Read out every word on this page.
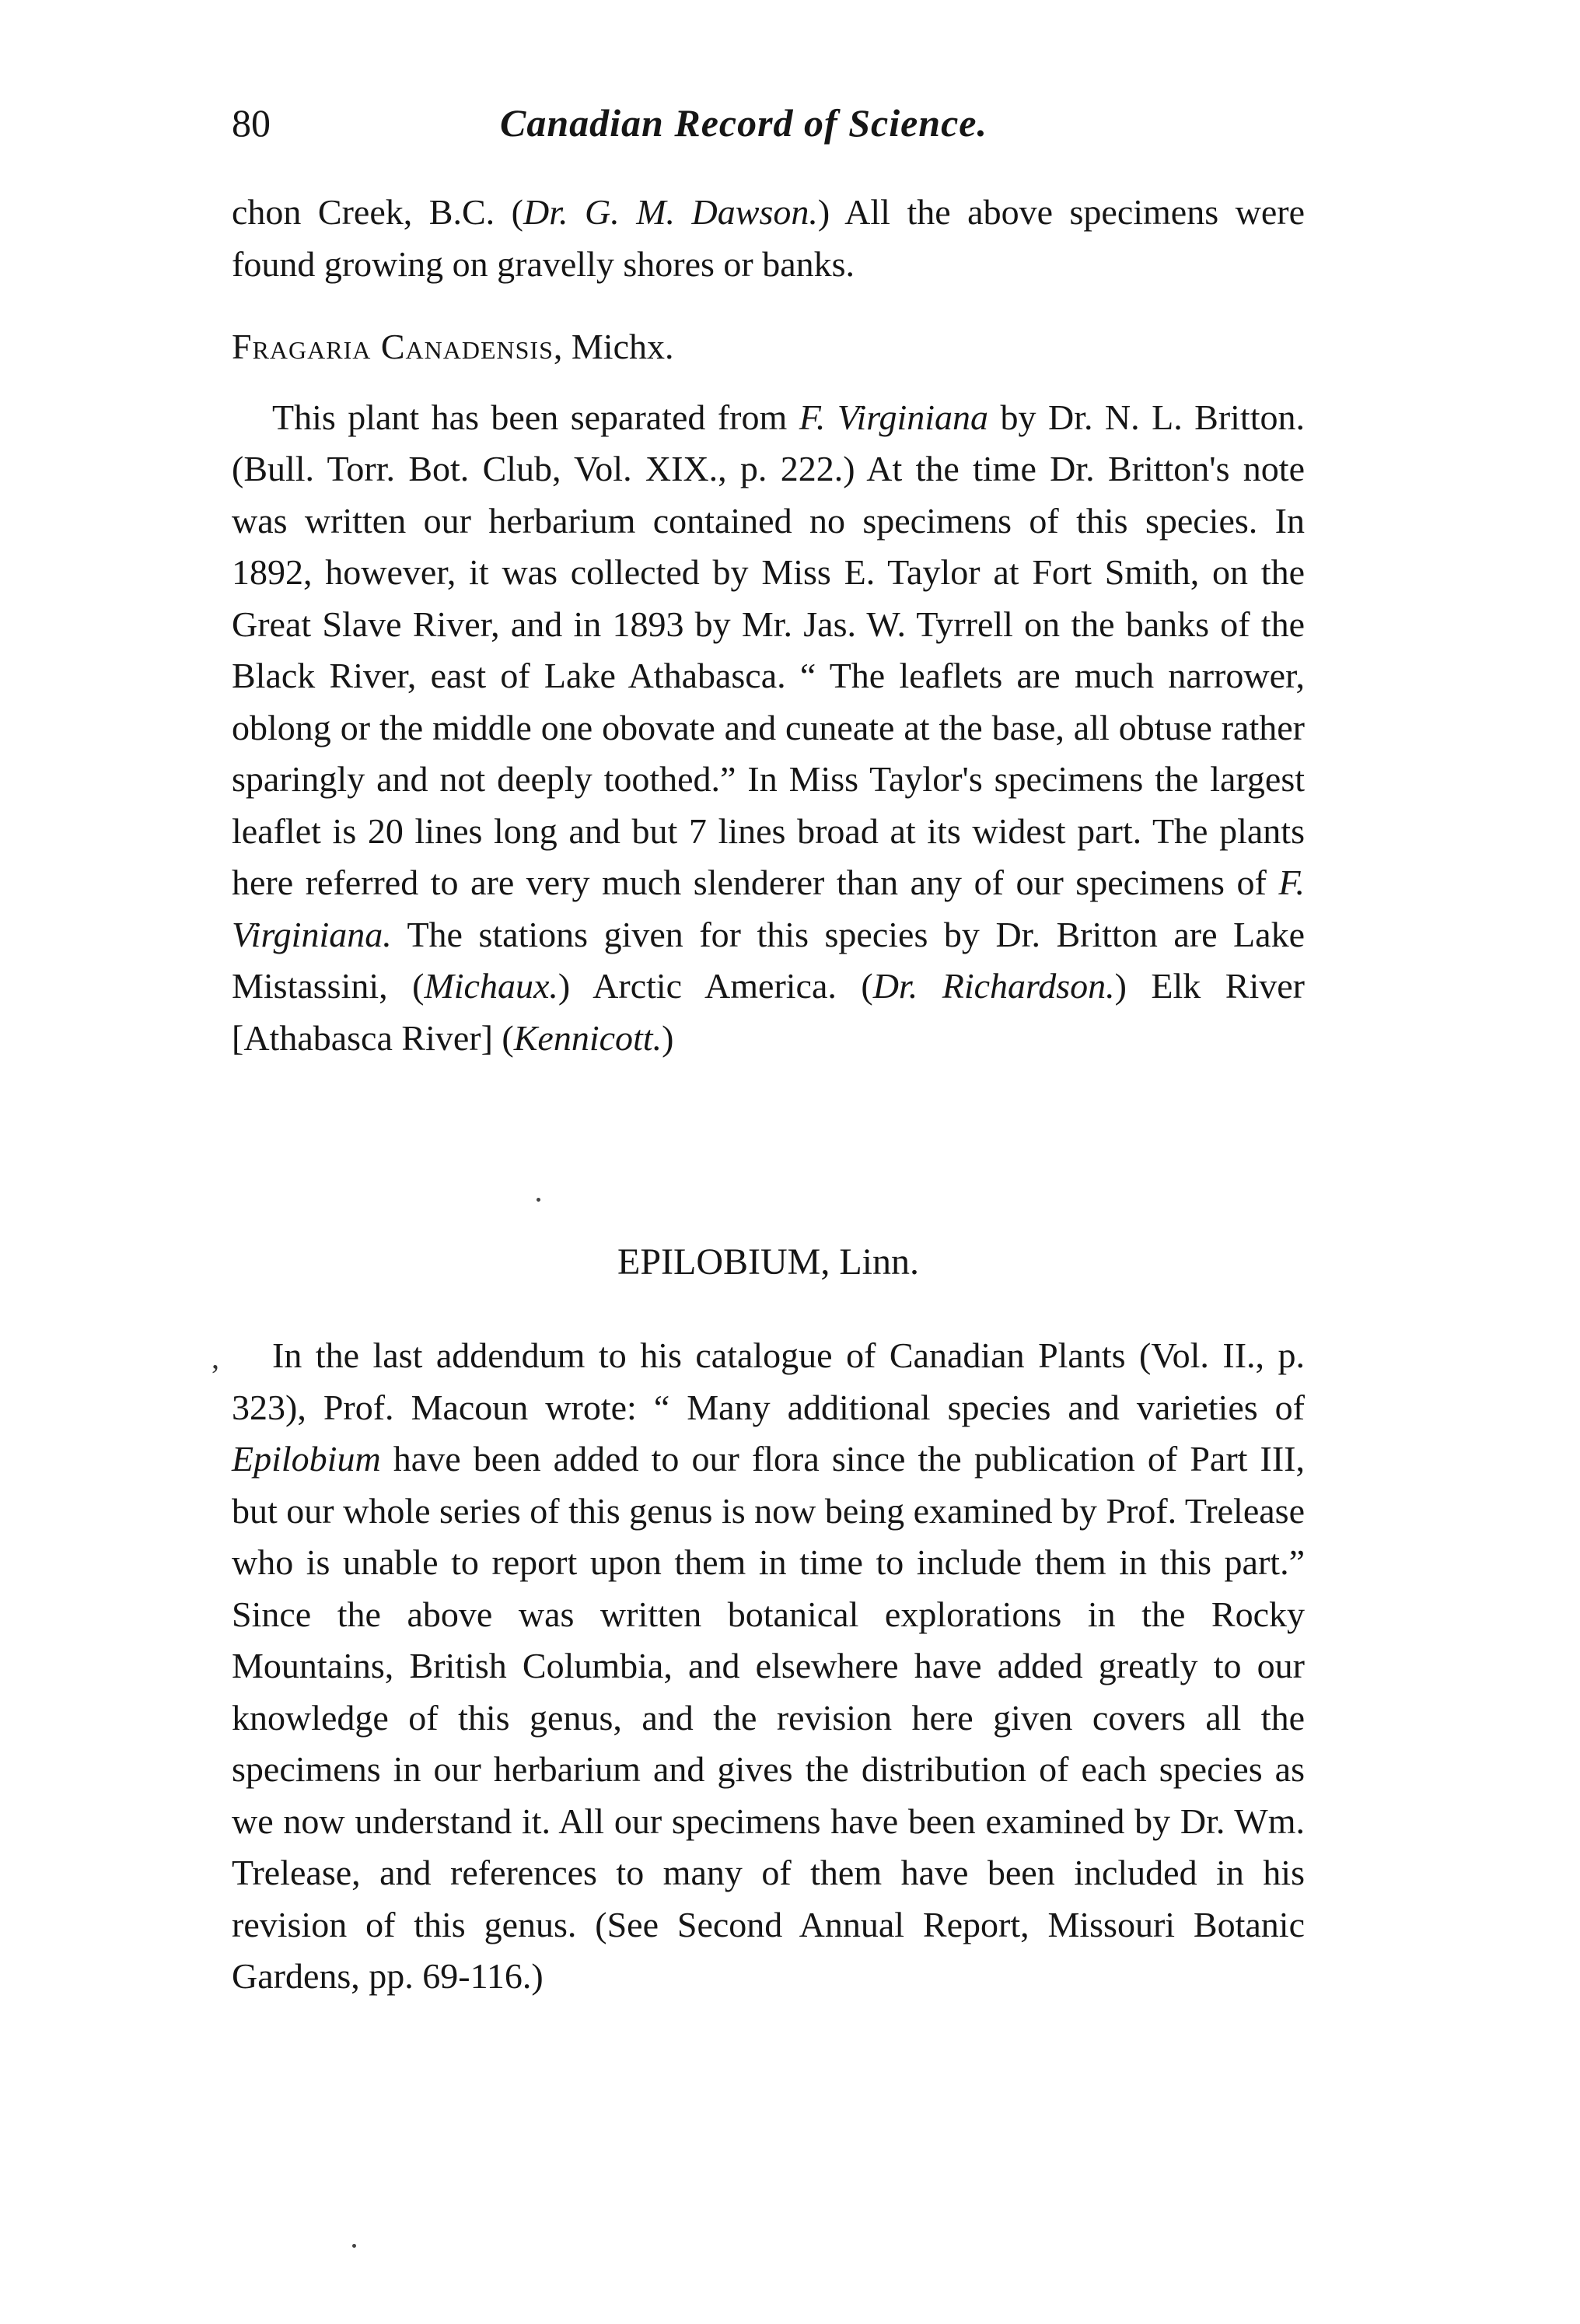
80	Canadian Record of Science.

chon Creek, B.C. (Dr. G. M. Dawson.) All the above specimens were found growing on gravelly shores or banks.

Fragaria Canadensis, Michx.

This plant has been separated from F. Virginiana by Dr. N. L. Britton. (Bull. Torr. Bot. Club, Vol. XIX., p. 222.) At the time Dr. Britton's note was written our herbarium contained no specimens of this species. In 1892, however, it was collected by Miss E. Taylor at Fort Smith, on the Great Slave River, and in 1893 by Mr. Jas. W. Tyrrell on the banks of the Black River, east of Lake Athabasca. “ The leaflets are much narrower, oblong or the middle one obovate and cuneate at the base, all obtuse rather sparingly and not deeply toothed.” In Miss Taylor's specimens the largest leaflet is 20 lines long and but 7 lines broad at its widest part. The plants here referred to are very much slenderer than any of our specimens of F. Virginiana. The stations given for this species by Dr. Britton are Lake Mistassini, (Michaux.) Arctic America. (Dr. Richardson.) Elk River [Athabasca River] (Kennicott.)

EPILOBIUM, Linn.
,	In the last addendum to his catalogue of Canadian Plants (Vol. II., p. 323), Prof. Macoun wrote: “ Many additional species and varieties of Epilobium have been added to our flora since the publication of Part III, but our whole series of this genus is now being examined by Prof. Trelease who is unable to report upon them in time to include them in this part.” Since the above was written botanical explorations in the Rocky Mountains, British Columbia, and elsewhere have added greatly to our knowledge of this genus, and the revision here given covers all the specimens in our herbarium and gives the distribution of each species as we now understand it. All our specimens have been examined by Dr. Wm. Trelease, and references to many of them have been included in his revision of this genus. (See Second Annual Report, Missouri Botanic Gardens, pp. 69-116.)
